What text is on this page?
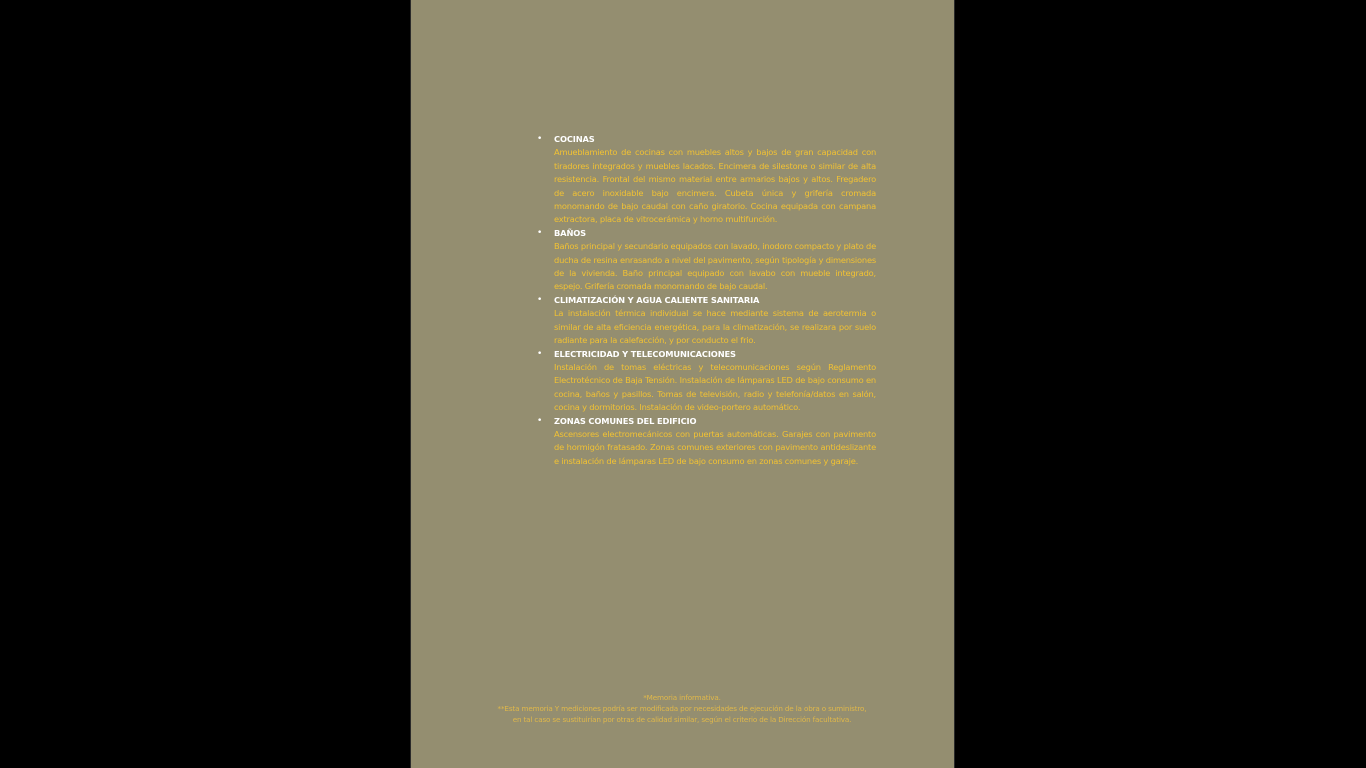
•	COCINAS
Amueblamiento de cocinas con muebles altos y bajos de gran capacidad con tiradores integrados y muebles lacados. Encimera de silestone o similar de alta resistencia. Frontal del mismo material entre armarios bajos y altos. Fregadero de acero inoxidable bajo encimera. Cubeta única y grifería cromada monomando de bajo caudal con caño giratorio. Cocina equipada con campana extractora, placa de vitrocerámica y horno multifunción.
•	BAÑOS
Baños principal y secundario equipados con lavado, inodoro compacto y plato de ducha de resina enrasando a nivel del pavimento, según tipología y dimensiones de la vivienda. Baño principal equipado con lavabo con mueble integrado, espejo. Grifería cromada monomando de bajo caudal.
•	CLIMATIZACIÓN Y AGUA CALIENTE SANITARIA
La instalación térmica individual se hace mediante sistema de aerotermia o similar de alta eficiencia energética, para la climatización, se realizara por suelo radiante para la calefacción, y por conducto el frio.
•	ELECTRICIDAD Y TELECOMUNICACIONES
Instalación de tomas eléctricas y telecomunicaciones según Reglamento Electrotécnico de Baja Tensión. Instalación de lámparas LED de bajo consumo en cocina, baños y pasillos. Tomas de televisión, radio y telefonía/datos en salón, cocina y dormitorios. Instalación de video-portero automático.
•	ZONAS COMUNES DEL EDIFICIO
Ascensores electromecánicos con puertas automáticas. Garajes con pavimento de hormigón fratasado. Zonas comunes exteriores con pavimento antideslizante e instalación de lámparas LED de bajo consumo en zonas comunes y garaje.
*Memoria informativa.
**Esta memoria Y mediciones podría ser modificada por necesidades de ejecución de la obra o suministro, en tal caso se sustituirían por otras de calidad similar, según el criterio de la Dirección facultativa.
